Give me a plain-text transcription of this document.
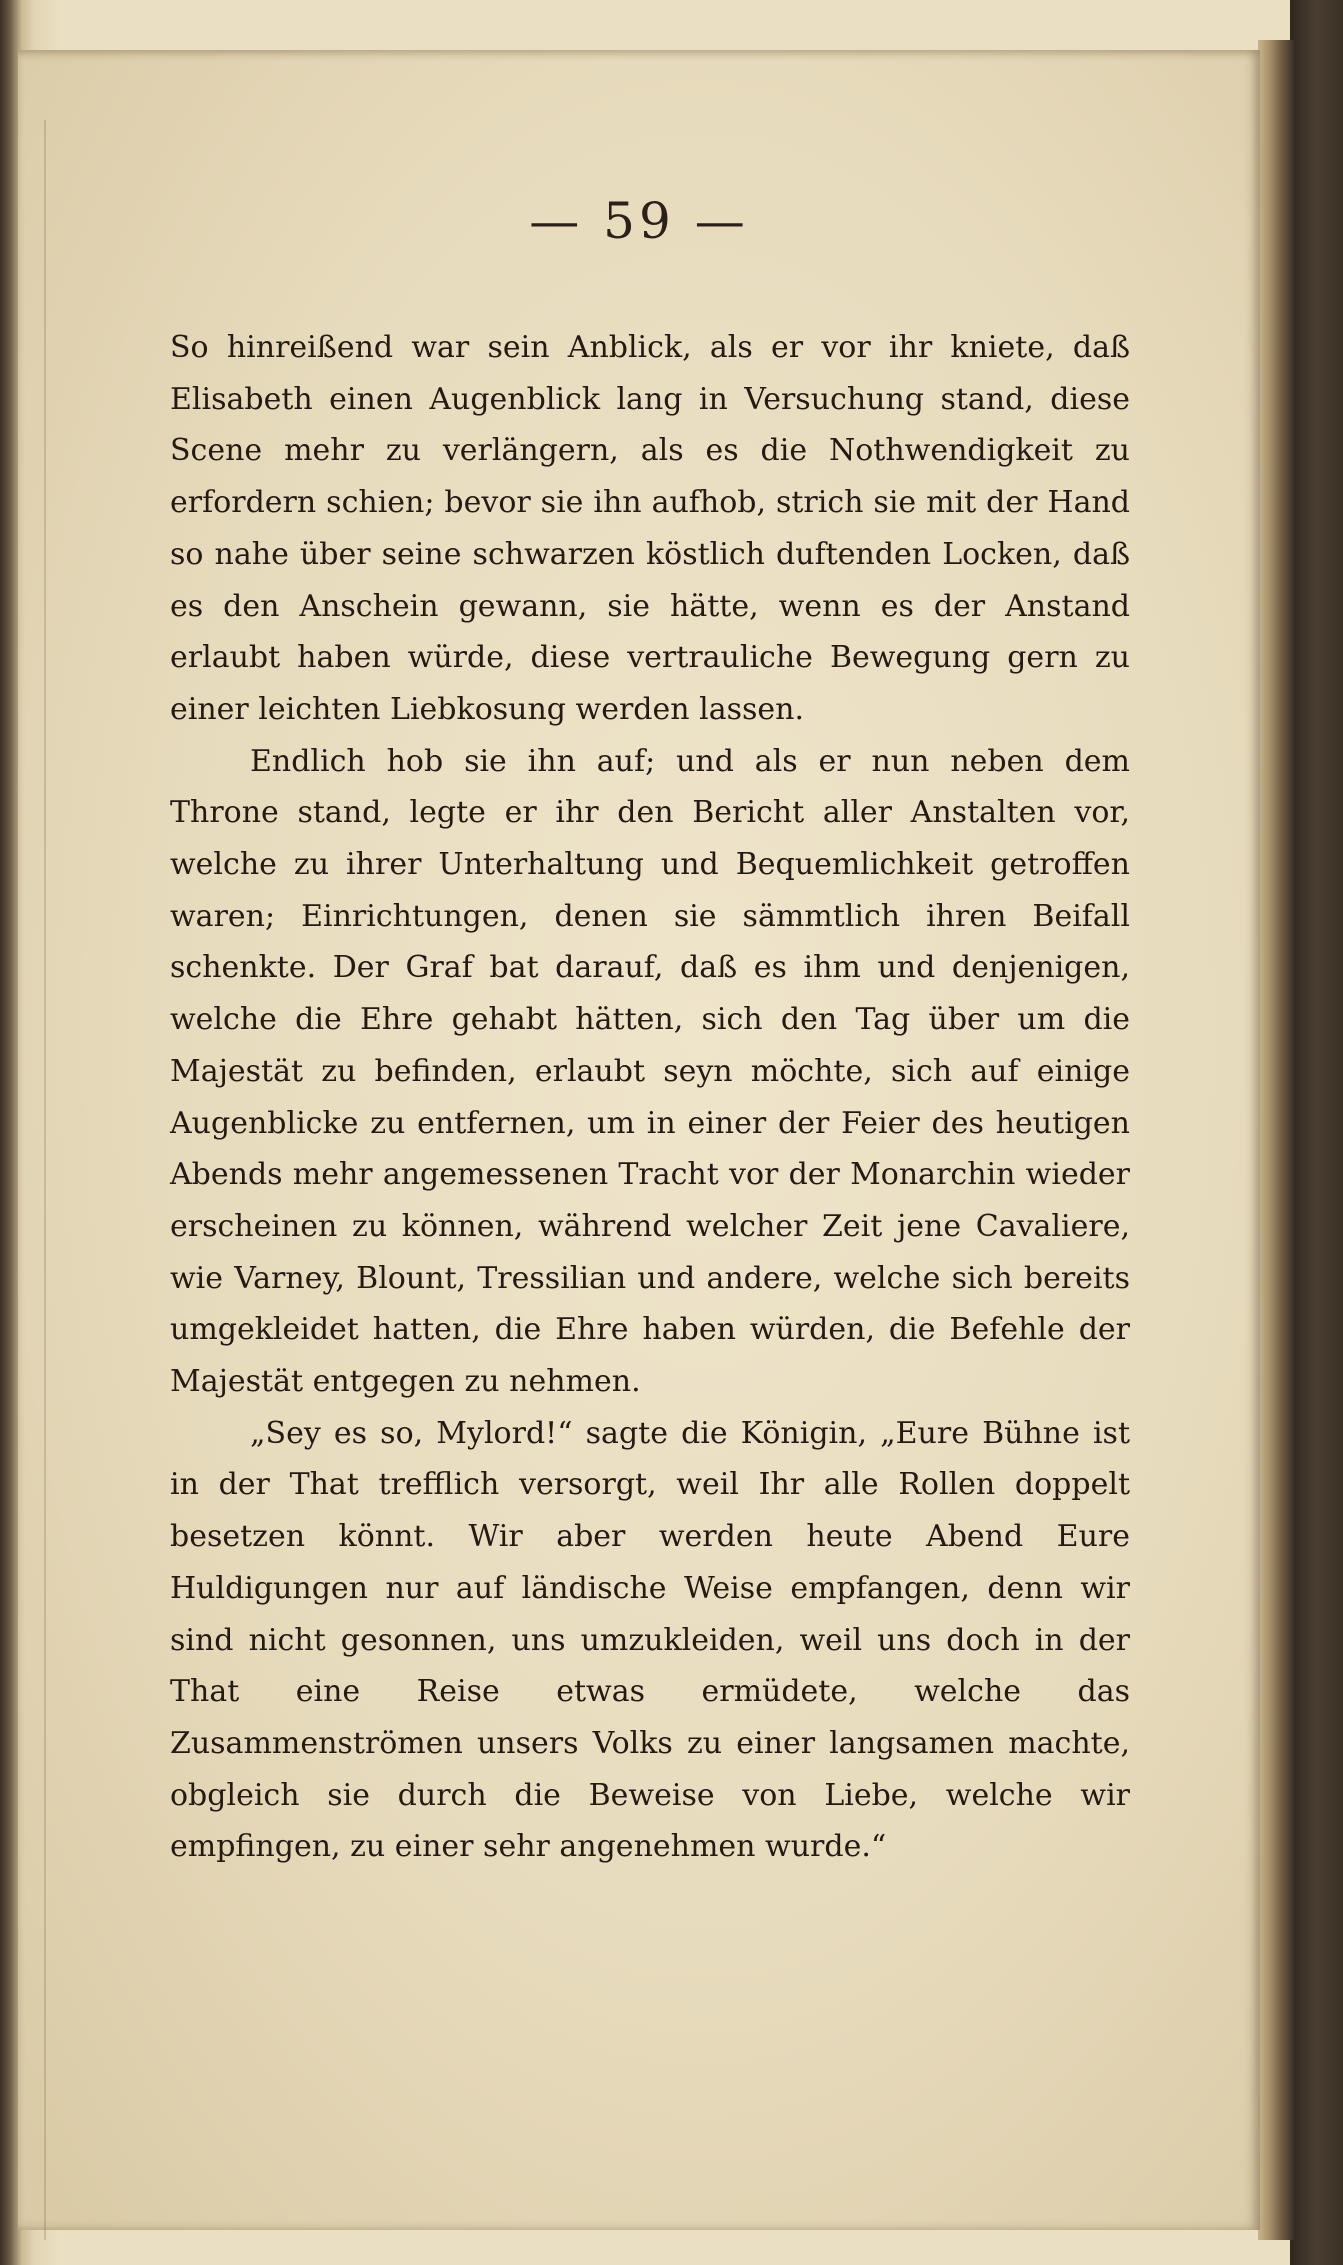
— 59 —

So hinreißend war sein Anblick, als er vor ihr kniete, daß Elisabeth einen Augenblick lang in Versuchung stand, diese Scene mehr zu verlängern, als es die Nothwendigkeit zu erfordern schien; bevor sie ihn aufhob, strich sie mit der Hand so nahe über seine schwarzen köstlich duftenden Locken, daß es den Anschein gewann, sie hätte, wenn es der Anstand erlaubt haben würde, diese vertrauliche Bewegung gern zu einer leichten Liebkosung werden lassen.

Endlich hob sie ihn auf; und als er nun neben dem Throne stand, legte er ihr den Bericht aller Anstalten vor, welche zu ihrer Unterhaltung und Bequemlichkeit getroffen waren; Einrichtungen, denen sie sämmtlich ihren Beifall schenkte. Der Graf bat darauf, daß es ihm und denjenigen, welche die Ehre gehabt hätten, sich den Tag über um die Majestät zu befinden, erlaubt seyn möchte, sich auf einige Augenblicke zu entfernen, um in einer der Feier des heutigen Abends mehr angemessenen Tracht vor der Monarchin wieder erscheinen zu können, während welcher Zeit jene Cavaliere, wie Varney, Blount, Tressilian und andere, welche sich bereits umgekleidet hatten, die Ehre haben würden, die Befehle der Majestät entgegen zu nehmen.

„Sey es so, Mylord!“ sagte die Königin, „Eure Bühne ist in der That trefflich versorgt, weil Ihr alle Rollen doppelt besetzen könnt. Wir aber werden heute Abend Eure Huldigungen nur auf ländische Weise empfangen, denn wir sind nicht gesonnen, uns umzukleiden, weil uns doch in der That eine Reise etwas ermüdete, welche das Zusammenströmen unsers Volks zu einer langsamen machte, obgleich sie durch die Beweise von Liebe, welche wir empfingen, zu einer sehr angenehmen wurde.“
